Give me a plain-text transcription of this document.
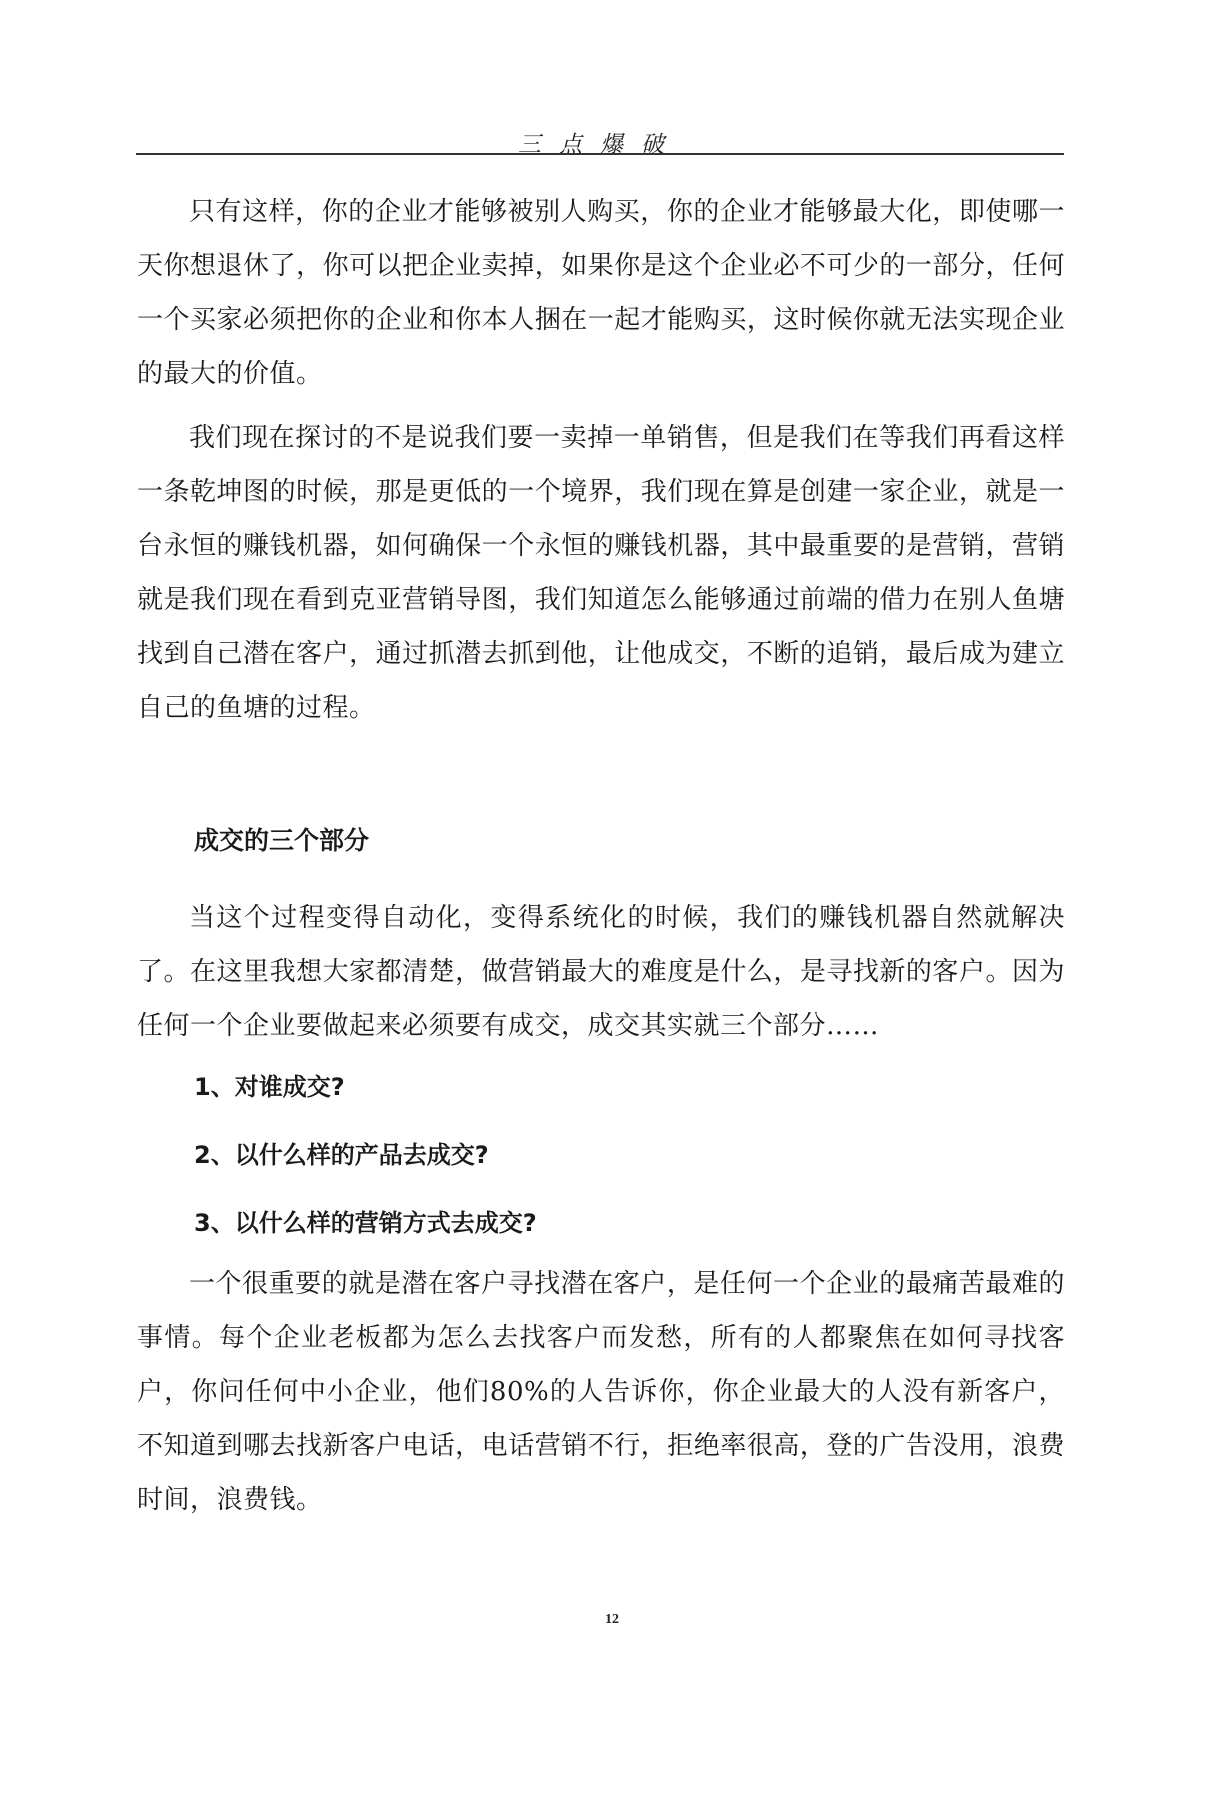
三点爆破

只有这样，你的企业才能够被别人购买，你的企业才能够最大化，即使哪一天你想退休了，你可以把企业卖掉，如果你是这个企业必不可少的一部分，任何一个买家必须把你的企业和你本人捆在一起才能购买，这时候你就无法实现企业的最大的价值。

我们现在探讨的不是说我们要一卖掉一单销售，但是我们在等我们再看这样一条乾坤图的时候，那是更低的一个境界，我们现在算是创建一家企业，就是一台永恒的赚钱机器，如何确保一个永恒的赚钱机器，其中最重要的是营销，营销就是我们现在看到克亚营销导图，我们知道怎么能够通过前端的借力在别人鱼塘找到自己潜在客户，通过抓潜去抓到他，让他成交，不断的追销，最后成为建立自己的鱼塘的过程。

成交的三个部分

当这个过程变得自动化，变得系统化的时候，我们的赚钱机器自然就解决了。在这里我想大家都清楚，做营销最大的难度是什么，是寻找新的客户。因为任何一个企业要做起来必须要有成交，成交其实就三个部分……

1、对谁成交?
2、以什么样的产品去成交?
3、以什么样的营销方式去成交?

一个很重要的就是潜在客户寻找潜在客户，是任何一个企业的最痛苦最难的事情。每个企业老板都为怎么去找客户而发愁，所有的人都聚焦在如何寻找客户，你问任何中小企业，他们80%的人告诉你，你企业最大的人没有新客户，不知道到哪去找新客户电话，电话营销不行，拒绝率很高，登的广告没用，浪费时间，浪费钱。

12
